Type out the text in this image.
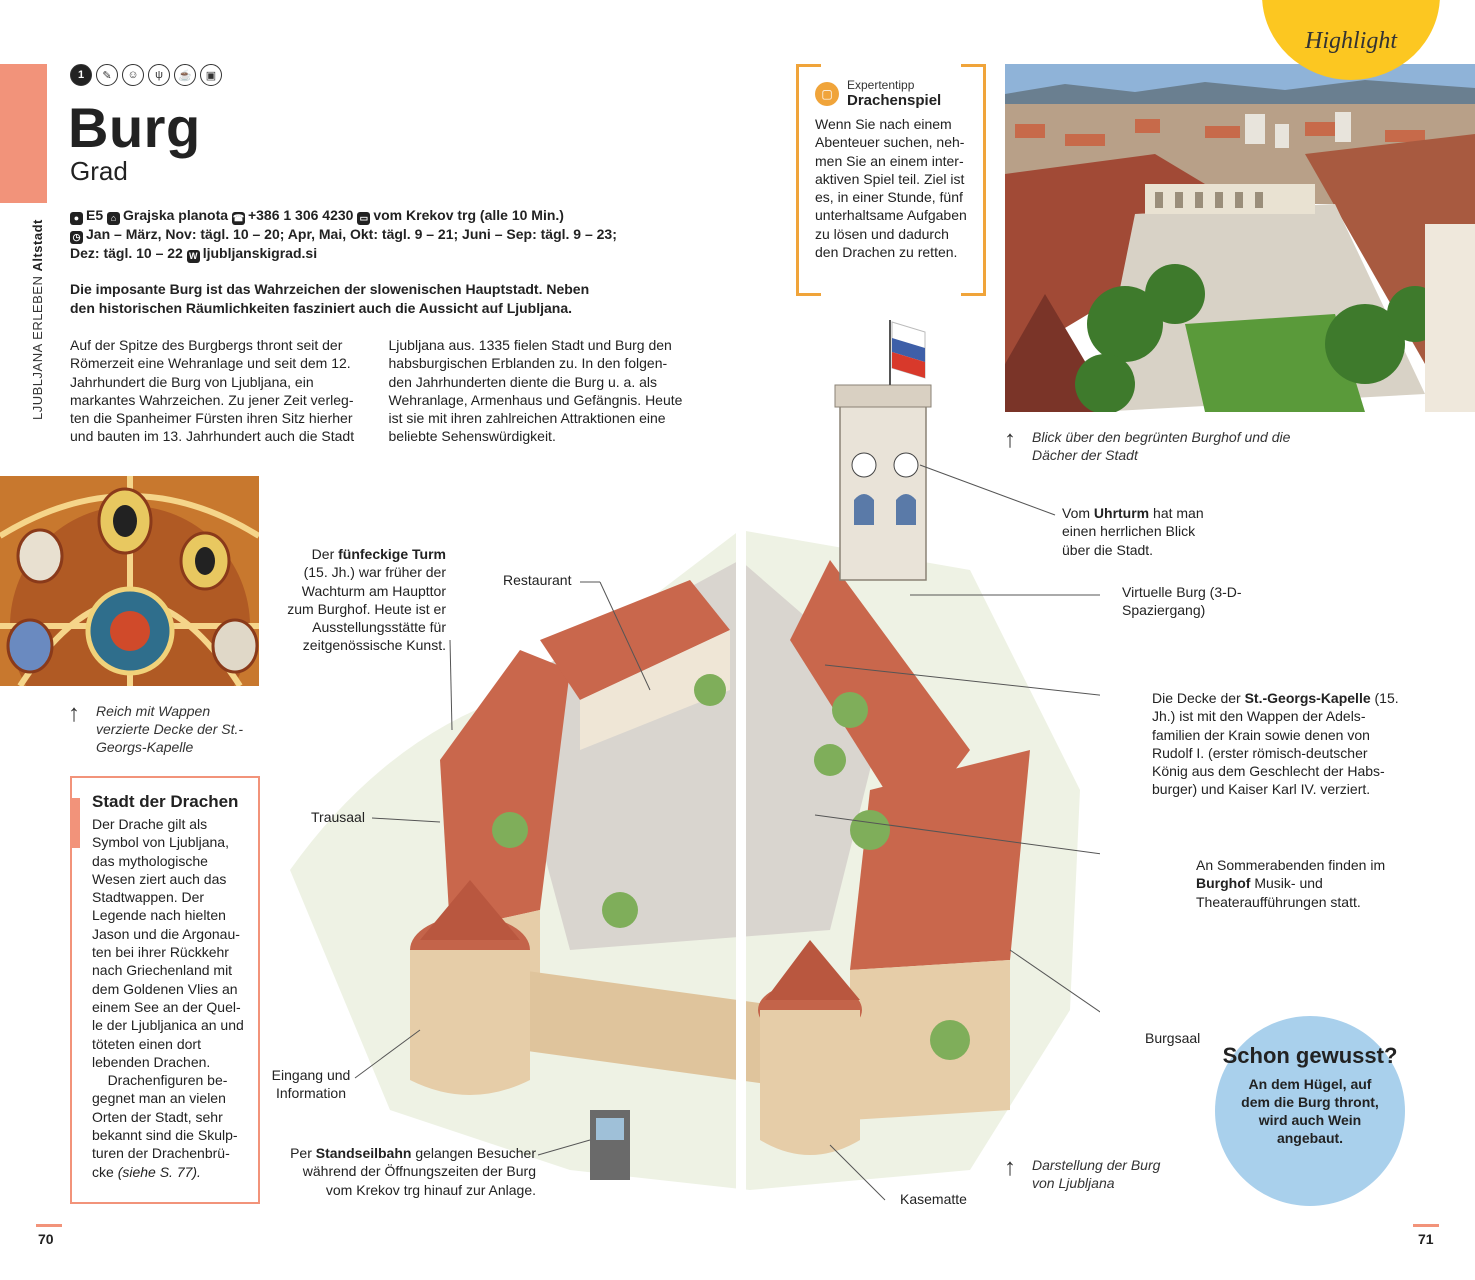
LJUBLJANA ERLEBEN Altstadt
1	✎	☺	ψ	☕	▣
Burg
Grad
● E5 ⌂ Grajska planota ☎ +386 1 306 4230 ▭ vom Krekov trg (alle 10 Min.)
◷ Jan – März, Nov: tägl. 10 – 20; Apr, Mai, Okt: tägl. 9 – 21; Juni – Sep: tägl. 9 – 23;
Dez: tägl. 10 – 22 W ljubljanskigrad.si
Die imposante Burg ist das Wahrzeichen der slowenischen Hauptstadt. Neben den historischen Räumlichkeiten fasziniert auch die Aussicht auf Ljubljana.
Auf der Spitze des Burgbergs thront seit der Römerzeit eine Wehranlage und seit dem 12. Jahrhundert die Burg von Ljubljana, ein markantes Wahrzeichen. Zu jener Zeit verlegten die Spanheimer Fürsten ihren Sitz hierher und bauten im 13. Jahrhundert auch die Stadt Ljubljana aus. 1335 fielen Stadt und Burg den habsburgischen Erblanden zu. In den folgenden Jahrhunderten diente die Burg u. a. als Wehranlage, Armenhaus und Gefängnis. Heute ist sie mit ihren zahlreichen Attraktionen eine beliebte Sehenswürdigkeit.
↑ Reich mit Wappen verzierte Decke der St.-Georgs-Kapelle
Stadt der Drachen

Der Drache gilt als Symbol von Ljubljana, das mythologische Wesen ziert auch das Stadtwappen. Der Legende nach hielten Jason und die Argonauten bei ihrer Rückkehr nach Griechenland mit dem Goldenen Vlies an einem See an der Quelle der Ljubljanica an und töteten einen dort lebenden Drachen.
Drachenfiguren begegnet man an vielen Orten der Stadt, sehr bekannt sind die Skulpturen der Drachenbrücke (siehe S. 77).

▢
Expertentipp
Drachenspiel

Wenn Sie nach einem Abenteuer suchen, nehmen Sie an einem interaktiven Spiel teil. Ziel ist es, in einer Stunde, fünf unterhaltsame Aufgaben zu lösen und dadurch den Drachen zu retten.

Highlight
↑ Blick über den begrünten Burghof und die Dächer der Stadt
Der fünfeckige Turm (15. Jh.) war früher der Wachturm am Haupttor zum Burghof. Heute ist er Ausstellungsstätte für zeitgenössische Kunst.
Restaurant
Trausaal
Eingang und Information
Per Standseilbahn gelangen Besucher während der Öffnungszeiten der Burg vom Krekov trg hinauf zur Anlage.
Vom Uhrturm hat man einen herrlichen Blick über die Stadt.
Virtuelle Burg (3-D-Spaziergang)
Die Decke der St.-Georgs-Kapelle (15. Jh.) ist mit den Wappen der Adelsfamilien der Krain sowie denen von Rudolf I. (erster römisch-deutscher König aus dem Geschlecht der Habsburger) und Kaiser Karl IV. verziert.
An Sommerabenden finden im Burghof Musik- und Theateraufführungen statt.
Burgsaal
Kasematte
↑ Darstellung der Burg von Ljubljana
Schon gewusst?

An dem Hügel, auf dem die Burg thront, wird auch Wein angebaut.

70	71
